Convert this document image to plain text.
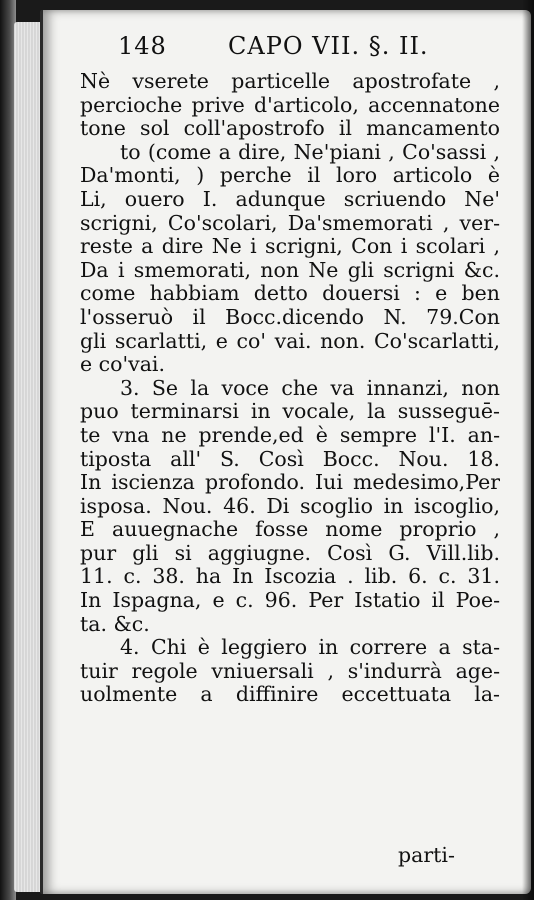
148	CAPO VII. §. II.
Nè vserete particelle apostrofate ,
percioche prive d'articolo, accennatone
tone sol coll'apostrofo il mancamento
to (come a dire, Ne'piani , Co'sassi ,
Da'monti, ) perche il loro articolo è
Li, ouero I. adunque scriuendo Ne'
scrigni, Co'scolari, Da'smemorati , ver-
reste a dire Ne i scrigni, Con i scolari ,
Da i smemorati, non Ne gli scrigni &c.
come habbiam detto douersi : e ben
l'osseruò il Bocc.dicendo N. 79.Con
gli scarlatti, e co' vai. non. Co'scarlatti,
e co'vai.
3. Se la voce che va innanzi, non
puo terminarsi in vocale, la susseguē-
te vna ne prende,ed è sempre l'I. an-
tiposta all' S. Così Bocc. Nou. 18.
In iscienza profondo. Iui medesimo,Per
isposa. Nou. 46. Di scoglio in iscoglio,
E auuegnache fosse nome proprio ,
pur gli si aggiugne. Così G. Vill.lib.
11. c. 38. ha In Iscozia . lib. 6. c. 31.
In Ispagna, e c. 96. Per Istatio il Poe-
ta. &c.
4. Chi è leggiero in correre a sta-
tuir regole vniuersali , s'indurrà age-
uolmente a diffinire eccettuata la-
parti-
